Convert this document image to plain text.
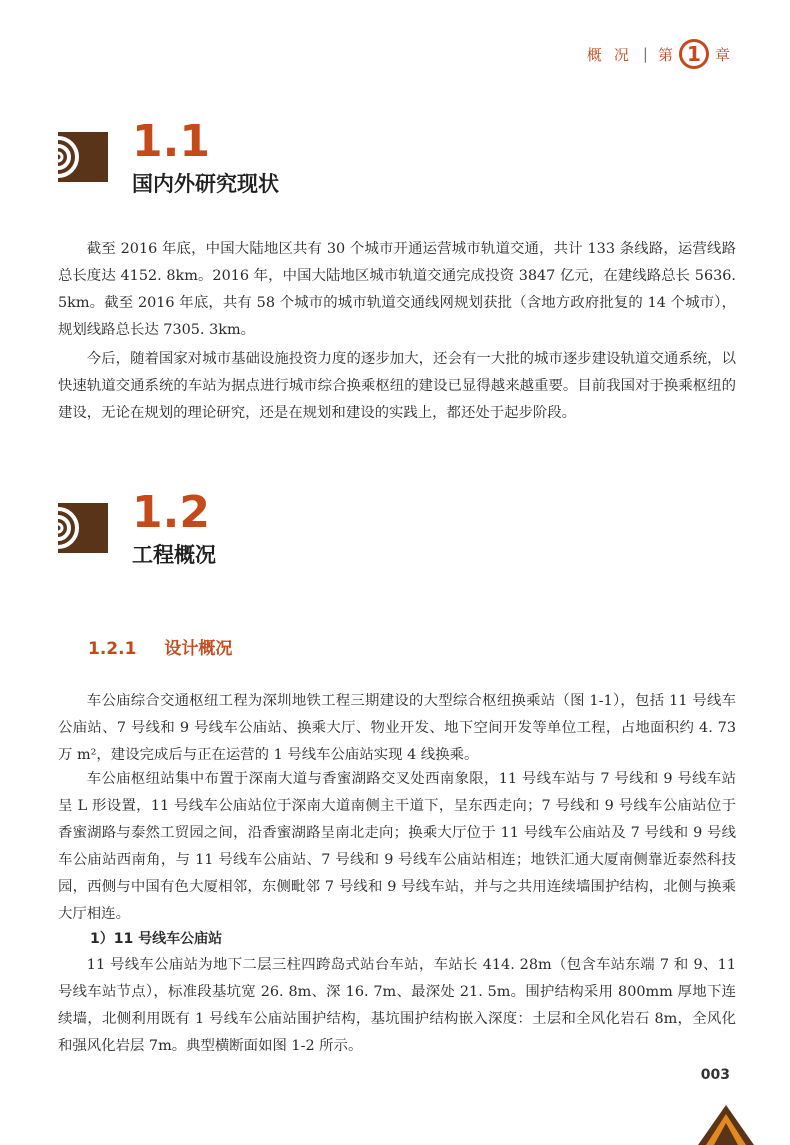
概况 | 第 1 章
1.1
国内外研究现状

截至 2016 年底，中国大陆地区共有 30 个城市开通运营城市轨道交通，共计 133 条线路，运营线路总长度达 4152. 8km。2016 年，中国大陆地区城市轨道交通完成投资 3847 亿元，在建线路总长 5636. 5km。截至 2016 年底，共有 58 个城市的城市轨道交通线网规划获批（含地方政府批复的 14 个城市），规划线路总长达 7305. 3km。

今后，随着国家对城市基础设施投资力度的逐步加大，还会有一大批的城市逐步建设轨道交通系统，以快速轨道交通系统的车站为据点进行城市综合换乘枢纽的建设已显得越来越重要。目前我国对于换乘枢纽的建设，无论在规划的理论研究，还是在规划和建设的实践上，都还处于起步阶段。

1.2
工程概况
1.2.1 设计概况

车公庙综合交通枢纽工程为深圳地铁工程三期建设的大型综合枢纽换乘站（图 1-1），包括 11 号线车公庙站、7 号线和 9 号线车公庙站、换乘大厅、物业开发、地下空间开发等单位工程，占地面积约 4. 73 万 m²，建设完成后与正在运营的 1 号线车公庙站实现 4 线换乘。

车公庙枢纽站集中布置于深南大道与香蜜湖路交叉处西南象限，11 号线车站与 7 号线和 9 号线车站呈 L 形设置，11 号线车公庙站位于深南大道南侧主干道下，呈东西走向；7 号线和 9 号线车公庙站位于香蜜湖路与泰然工贸园之间，沿香蜜湖路呈南北走向；换乘大厅位于 11 号线车公庙站及 7 号线和 9 号线车公庙站西南角，与 11 号线车公庙站、7 号线和 9 号线车公庙站相连；地铁汇通大厦南侧靠近泰然科技园，西侧与中国有色大厦相邻，东侧毗邻 7 号线和 9 号线车站，并与之共用连续墙围护结构，北侧与换乘大厅相连。

1）11 号线车公庙站

11 号线车公庙站为地下二层三柱四跨岛式站台车站，车站长 414. 28m（包含车站东端 7 和 9、11 号线车站节点），标准段基坑宽 26. 8m、深 16. 7m、最深处 21. 5m。围护结构采用 800mm 厚地下连续墙，北侧利用既有 1 号线车公庙站围护结构，基坑围护结构嵌入深度：土层和全风化岩石 8m，全风化和强风化岩层 7m。典型横断面如图 1-2 所示。

003
